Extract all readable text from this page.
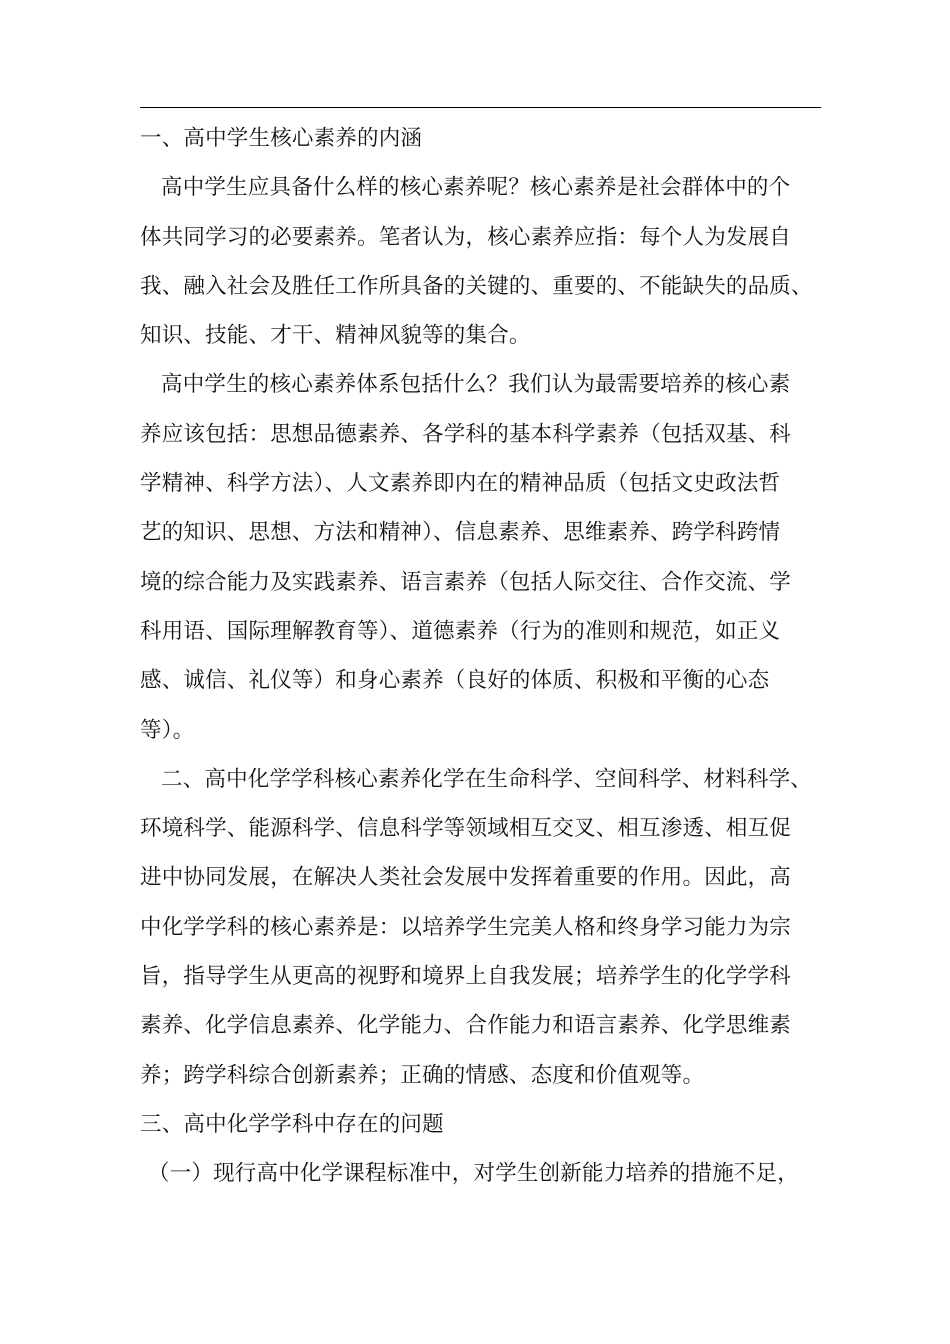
一、高中学生核心素养的内涵
高中学生应具备什么样的核心素养呢？核心素养是社会群体中的个
体共同学习的必要素养。笔者认为，核心素养应指：每个人为发展自
我、融入社会及胜任工作所具备的关键的、重要的、不能缺失的品质、
知识、技能、才干、精神风貌等的集合。
高中学生的核心素养体系包括什么？我们认为最需要培养的核心素
养应该包括：思想品德素养、各学科的基本科学素养（包括双基、科
学精神、科学方法）、人文素养即内在的精神品质（包括文史政法哲
艺的知识、思想、方法和精神）、信息素养、思维素养、跨学科跨情
境的综合能力及实践素养、语言素养（包括人际交往、合作交流、学
科用语、国际理解教育等）、道德素养（行为的准则和规范，如正义
感、诚信、礼仪等）和身心素养（良好的体质、积极和平衡的心态
等）。
二、高中化学学科核心素养化学在生命科学、空间科学、材料科学、
环境科学、能源科学、信息科学等领域相互交叉、相互渗透、相互促
进中协同发展，在解决人类社会发展中发挥着重要的作用。因此，高
中化学学科的核心素养是：以培养学生完美人格和终身学习能力为宗
旨，指导学生从更高的视野和境界上自我发展；培养学生的化学学科
素养、化学信息素养、化学能力、合作能力和语言素养、化学思维素
养；跨学科综合创新素养；正确的情感、态度和价值观等。
三、高中化学学科中存在的问题
（一）现行高中化学课程标准中，对学生创新能力培养的措施不足，
